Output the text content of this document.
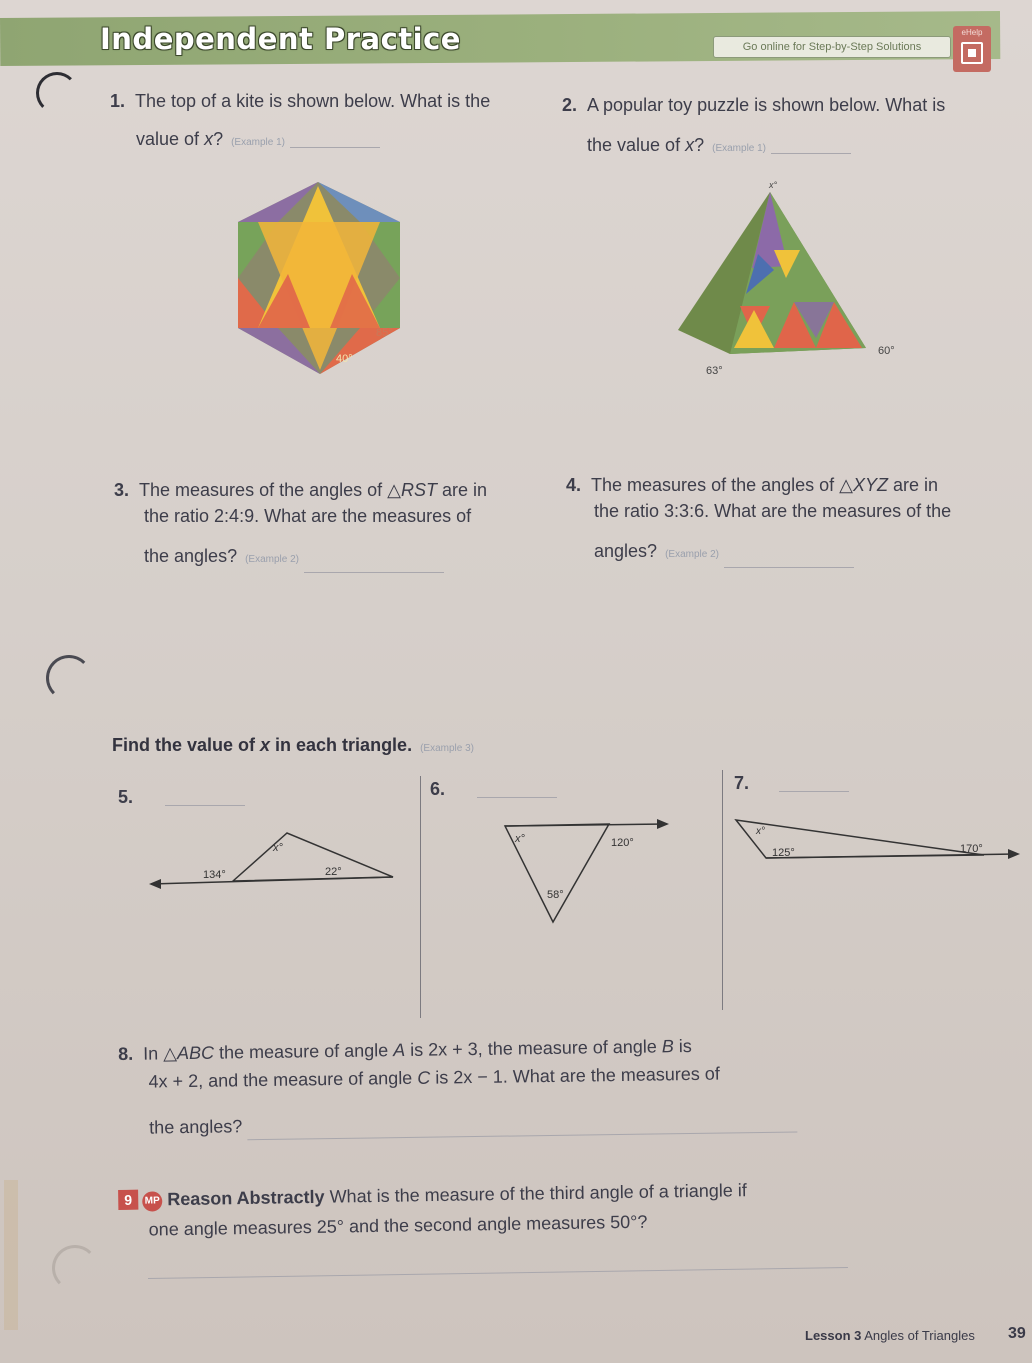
Independent Practice	Go online for Step-by-Step Solutions
eHelp
1. The top of a kite is shown below. What is the
value of x? (Example 1)
85°
40°
2. A popular toy puzzle is shown below. What is
the value of x? (Example 1)
x°
63°
60°
3. The measures of the angles of △RST are in
the ratio 2:4:9. What are the measures of
the angles? (Example 2)
4. The measures of the angles of △XYZ are in
the ratio 3:3:6. What are the measures of the
angles? (Example 2)
Find the value of x in each triangle. (Example 3)
5.
x°
134°	22°
6.
x°	120°
58°
7.
x°
125°	170°
8. In △ABC the measure of angle A is 2x + 3, the measure of angle B is
4x + 2, and the measure of angle C is 2x − 1. What are the measures of
the angles?
9 MP Reason Abstractly What is the measure of the third angle of a triangle if
one angle measures 25° and the second angle measures 50°?
Lesson 3 Angles of Triangles 39
